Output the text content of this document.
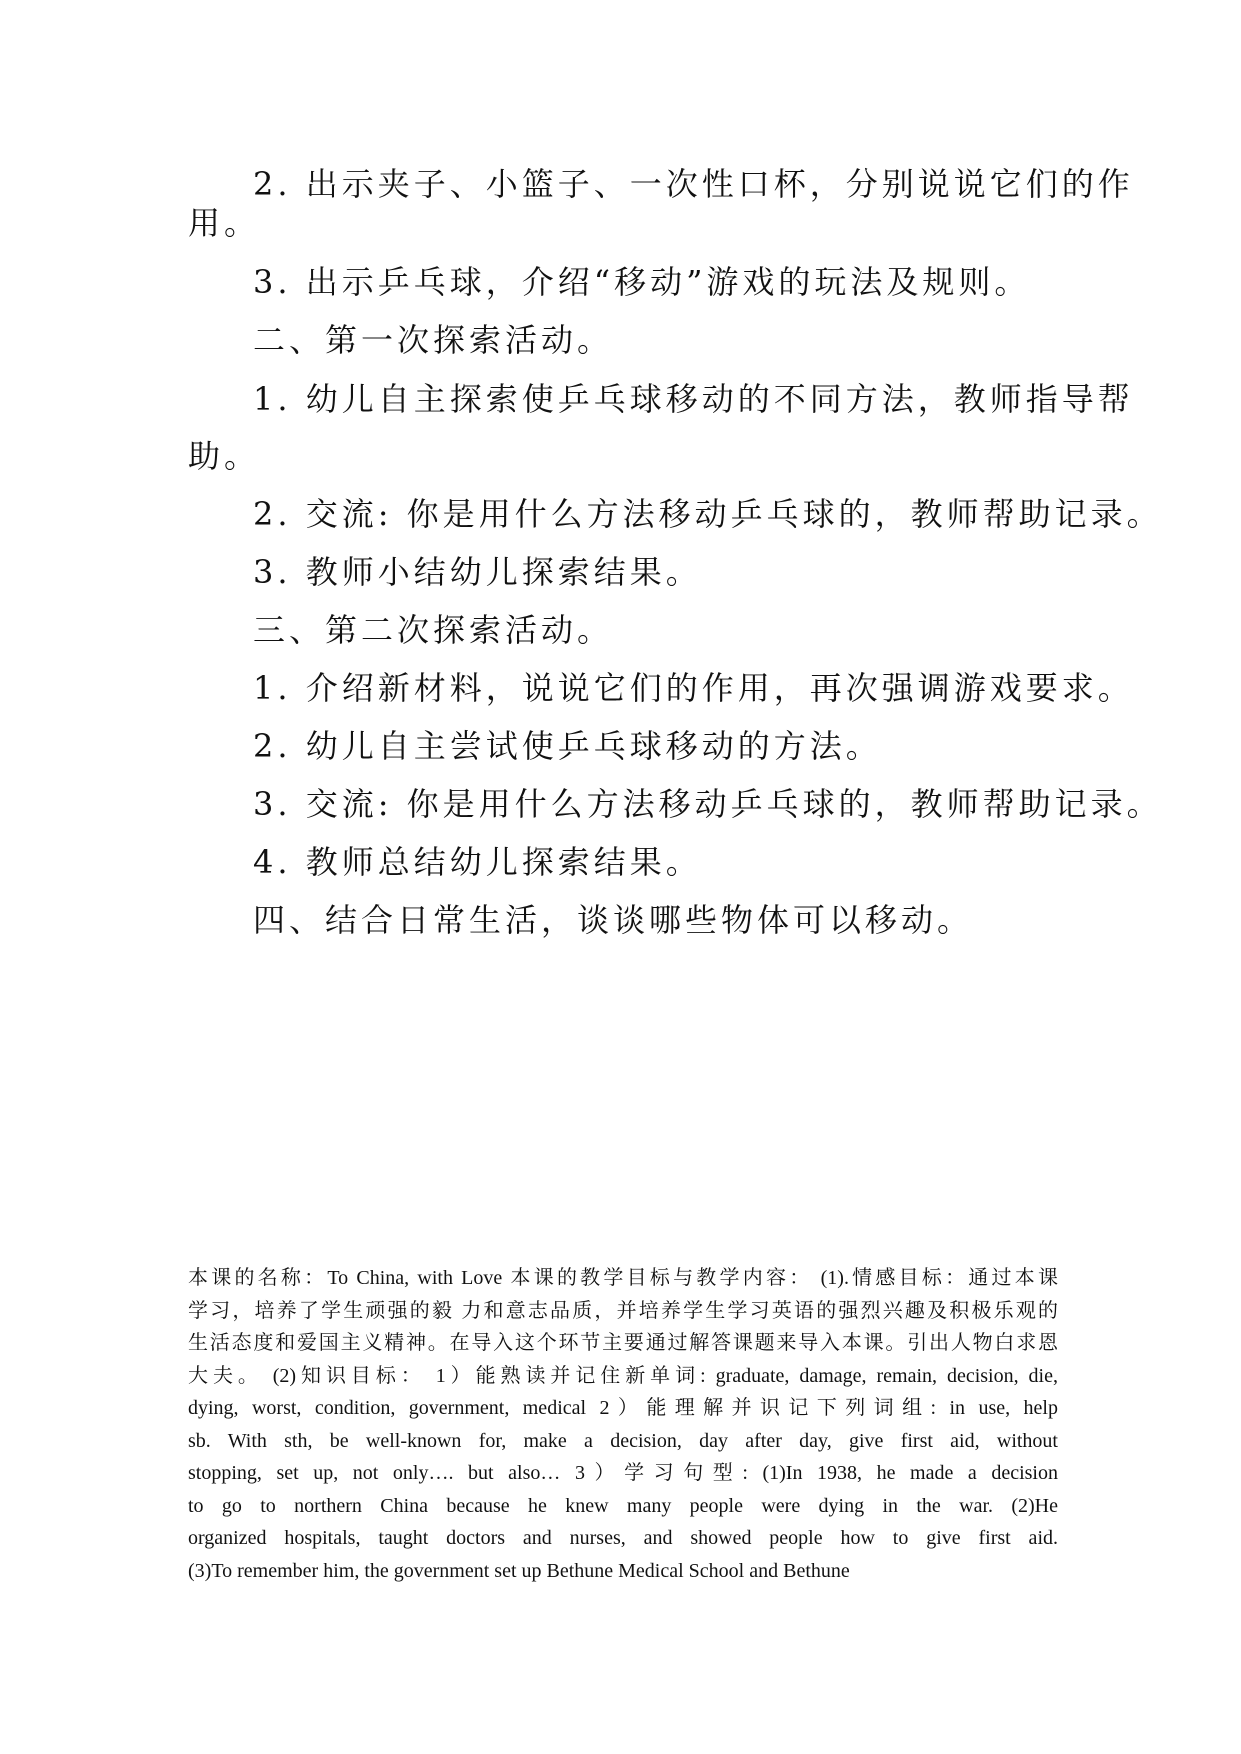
2. 出示夹子、小篮子、一次性口杯，分别说说它们的作

用。

3. 出示乒乓球，介绍“移动”游戏的玩法及规则。

二、第一次探索活动。

1. 幼儿自主探索使乒乓球移动的不同方法，教师指导帮

助。

2. 交流: 你是用什么方法移动乒乓球的，教师帮助记录。

3. 教师小结幼儿探索结果。

三、第二次探索活动。

1. 介绍新材料，说说它们的作用，再次强调游戏要求。

2. 幼儿自主尝试使乒乓球移动的方法。

3. 交流: 你是用什么方法移动乒乓球的，教师帮助记录。

4. 教师总结幼儿探索结果。

四、结合日常生活，谈谈哪些物体可以移动。

本课的名称：To China, with Love 本课的教学目标与教学内容： (1).情感目标：通过本课
学习，培养了学生顽强的毅 力和意志品质，并培养学生学习英语的强烈兴趣及积极乐观的
生活态度和爱国主义精神。在导入这个环节主要通过解答课题来导入本课。引出人物白求恩
大夫。 (2)知识目标： 1）能熟读并记住新单词: graduate, damage, remain, decision, die,
dying, worst, condition, government, medical 2）能理解并识记下列词组: in use, help
sb. With sth, be well-known for, make a decision, day after day, give first aid, without
stopping, set up, not only…. but also… 3）学习句型: (1)In 1938, he made a decision
to go to northern China because he knew many people were dying in the war. (2)He
organized hospitals, taught doctors and nurses, and showed people how to give first aid.
(3)To remember him, the government set up Bethune Medical School and Bethune
